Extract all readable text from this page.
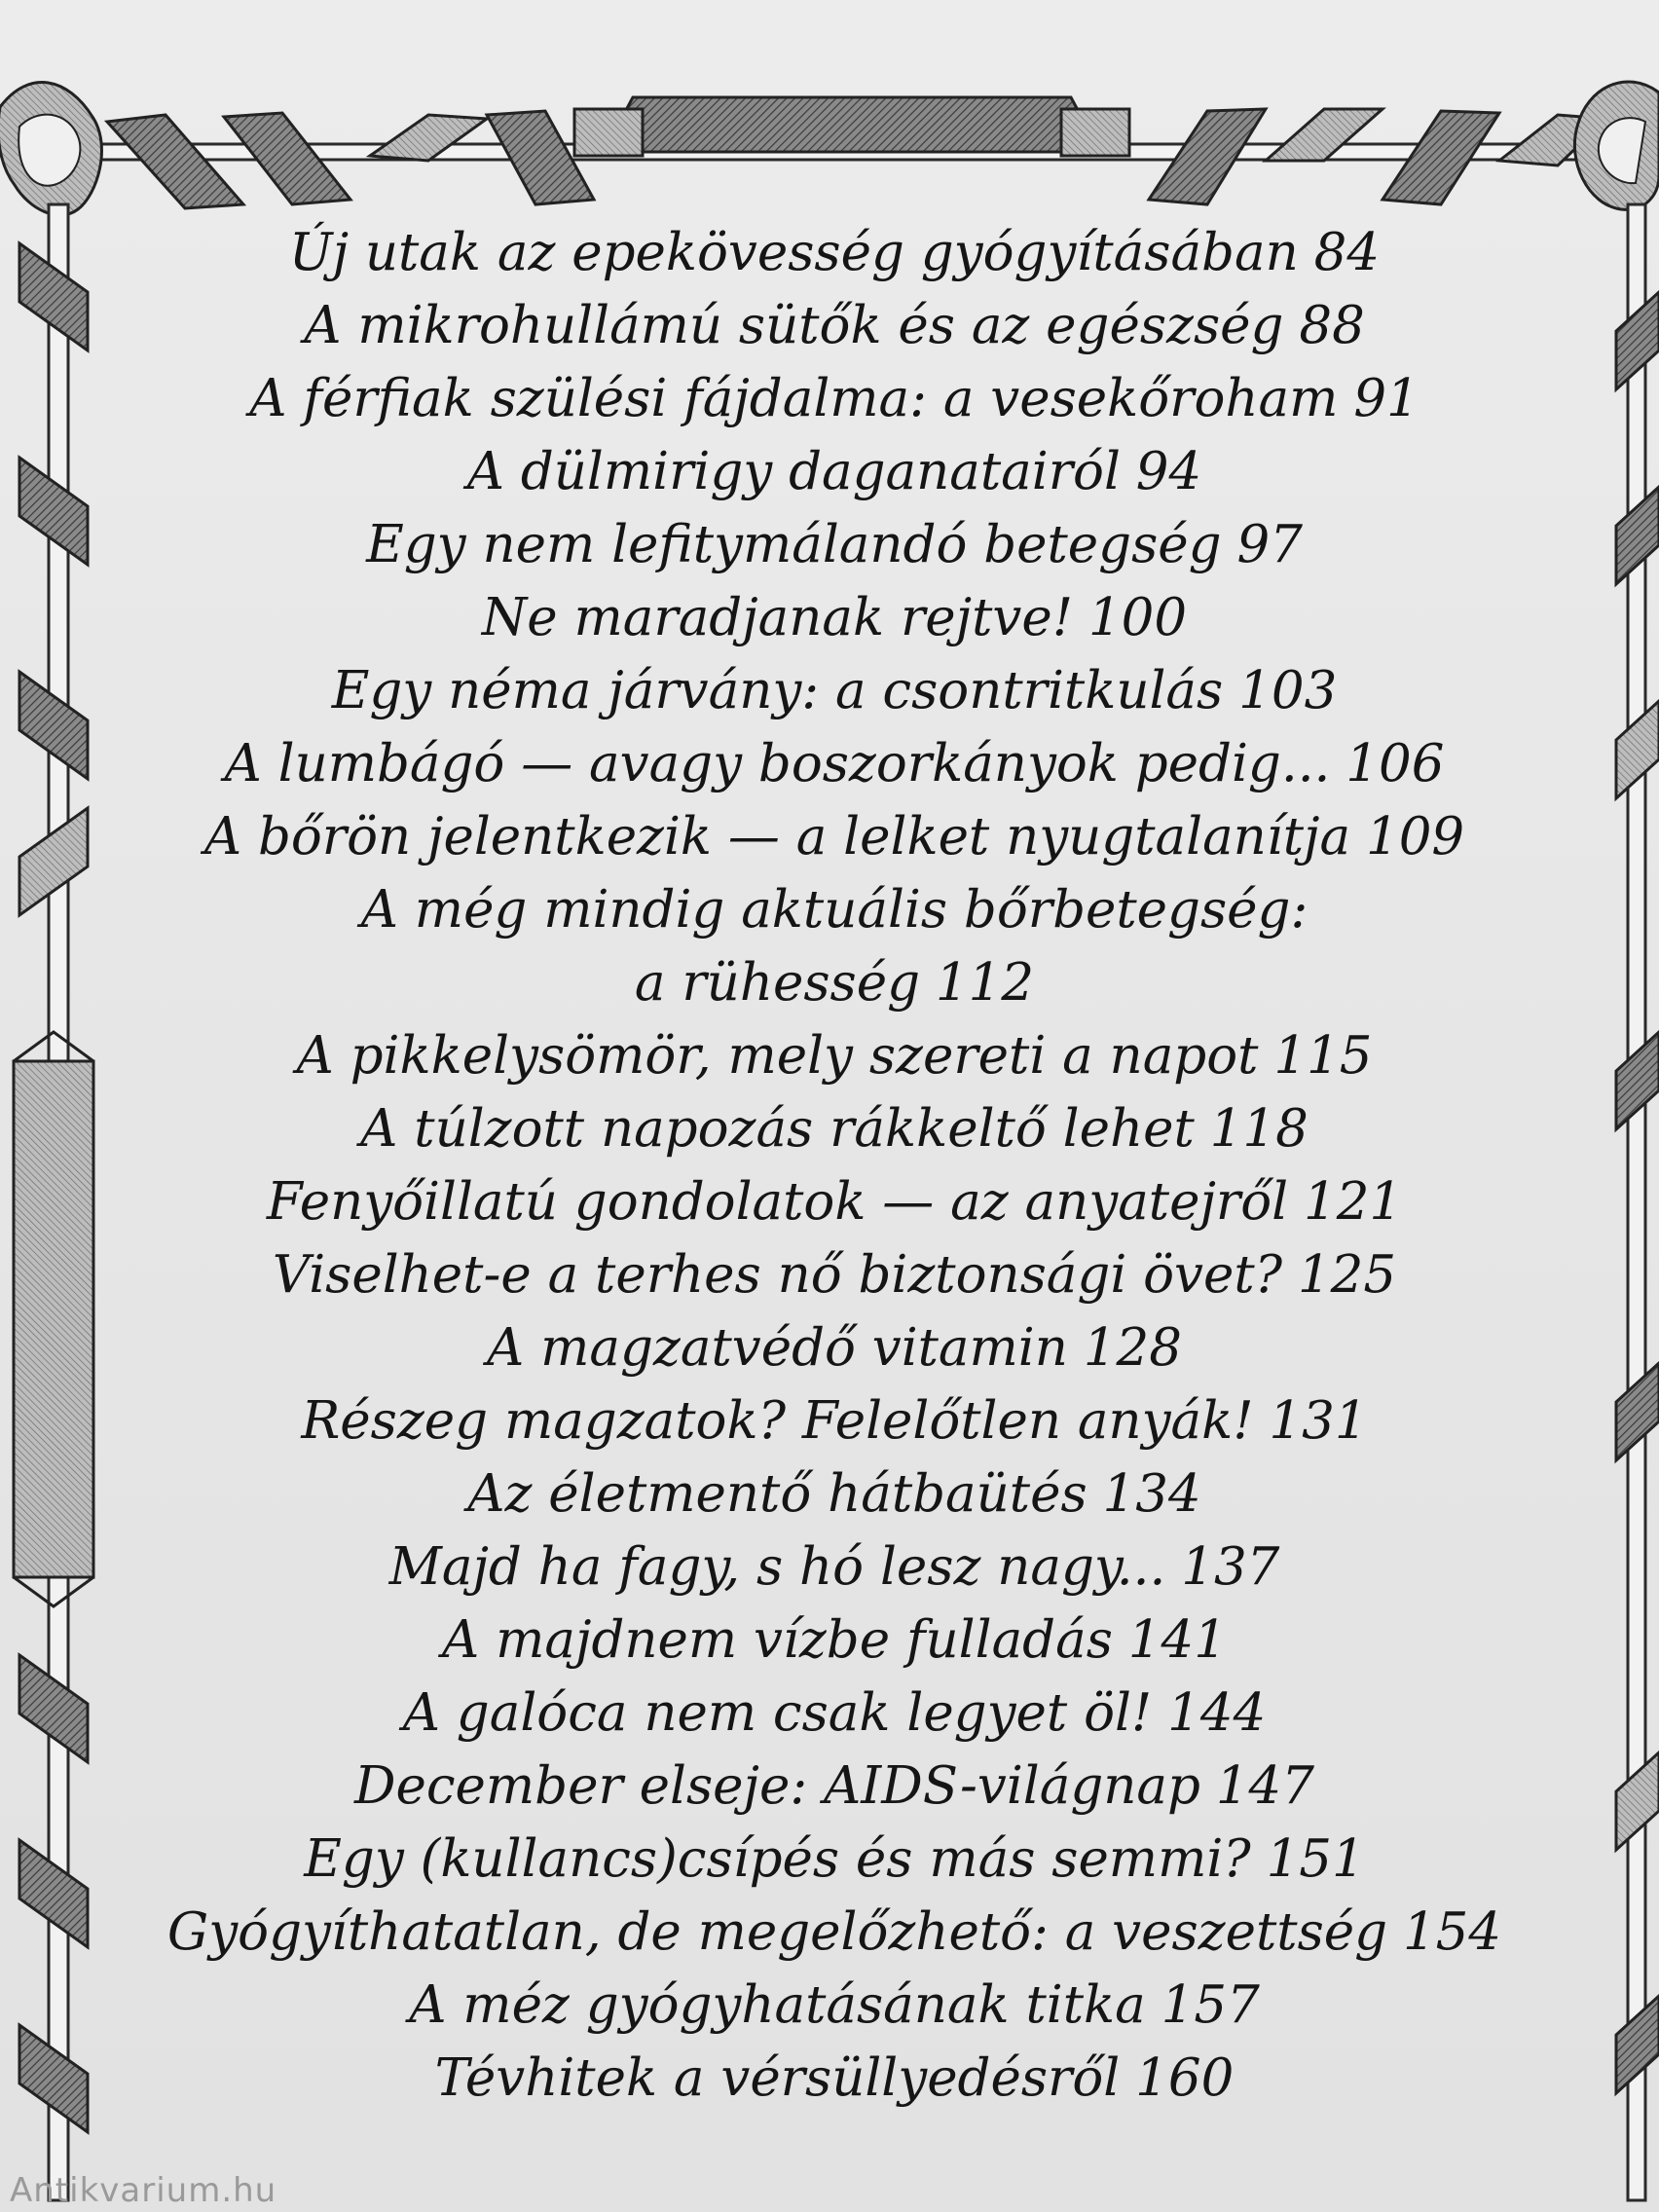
Új utak az epekövesség gyógyításában 84
A mikrohullámú sütők és az egészség 88
A férfiak szülési fájdalma: a vesekőroham 91
A dülmirigy daganatairól 94
Egy nem lefitymálandó betegség 97
Ne maradjanak rejtve! 100
Egy néma járvány: a csontritkulás 103
A lumbágó — avagy boszorkányok pedig... 106
A bőrön jelentkezik — a lelket nyugtalanítja 109
A még mindig aktuális bőrbetegség:
a rühesség 112
A pikkelysömör, mely szereti a napot 115
A túlzott napozás rákkeltő lehet 118
Fenyőillatú gondolatok — az anyatejről 121
Viselhet-e a terhes nő biztonsági övet? 125
A magzatvédő vitamin 128
Részeg magzatok? Felelőtlen anyák! 131
Az életmentő hátbaütés 134
Majd ha fagy, s hó lesz nagy... 137
A majdnem vízbe fulladás 141
A galóca nem csak legyet öl! 144
December elseje: AIDS-világnap 147
Egy (kullancs)csípés és más semmi? 151
Gyógyíthatatlan, de megelőzhető: a veszettség 154
A méz gyógyhatásának titka 157
Tévhitek a vérsüllyedésről 160
Antikvarium.hu
